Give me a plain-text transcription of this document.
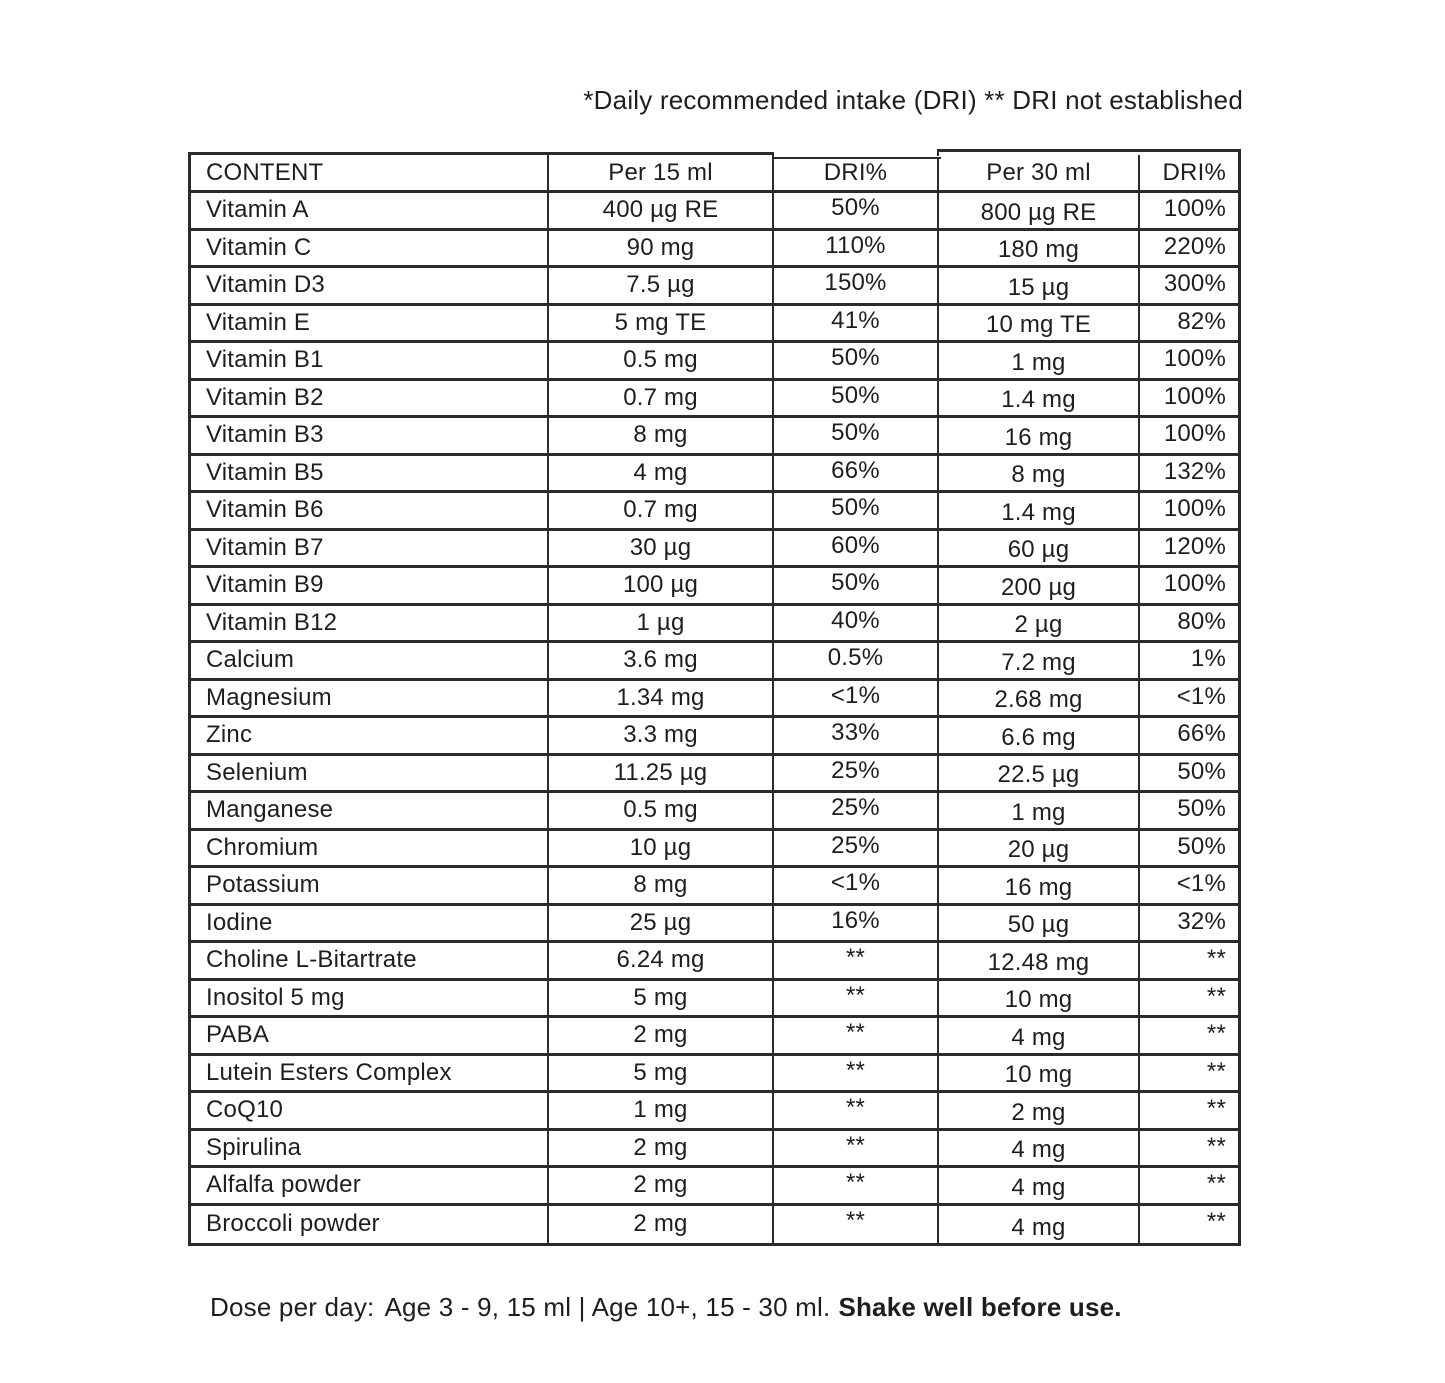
*Daily recommended intake (DRI) ** DRI not established
CONTENT	Per 15 ml	DRI%	Per 30 ml	DRI%
Vitamin A	400 µg RE	50%	800 µg RE	100%
Vitamin C	90 mg	110%	180 mg	220%
Vitamin D3	7.5 µg	150%	15 µg	300%
Vitamin E	5 mg TE	41%	10 mg TE	82%
Vitamin B1	0.5 mg	50%	1 mg	100%
Vitamin B2	0.7 mg	50%	1.4 mg	100%
Vitamin B3	8 mg	50%	16 mg	100%
Vitamin B5	4 mg	66%	8 mg	132%
Vitamin B6	0.7 mg	50%	1.4 mg	100%
Vitamin B7	30 µg	60%	60 µg	120%
Vitamin B9	100 µg	50%	200 µg	100%
Vitamin B12	1 µg	40%	2 µg	80%
Calcium	3.6 mg	0.5%	7.2 mg	1%
Magnesium	1.34 mg	<1%	2.68 mg	<1%
Zinc	3.3 mg	33%	6.6 mg	66%
Selenium	11.25 µg	25%	22.5 µg	50%
Manganese	0.5 mg	25%	1 mg	50%
Chromium	10 µg	25%	20 µg	50%
Potassium	8 mg	<1%	16 mg	<1%
Iodine	25 µg	16%	50 µg	32%
Choline L-Bitartrate	6.24 mg	**	12.48 mg	**
Inositol 5 mg	5 mg	**	10 mg	**
PABA	2 mg	**	4 mg	**
Lutein Esters Complex	5 mg	**	10 mg	**
CoQ10	1 mg	**	2 mg	**
Spirulina	2 mg	**	4 mg	**
Alfalfa powder	2 mg	**	4 mg	**
Broccoli powder	2 mg	**	4 mg	**
Dose per day: Age 3 - 9, 15 ml | Age 10+, 15 - 30 ml. Shake well before use.
